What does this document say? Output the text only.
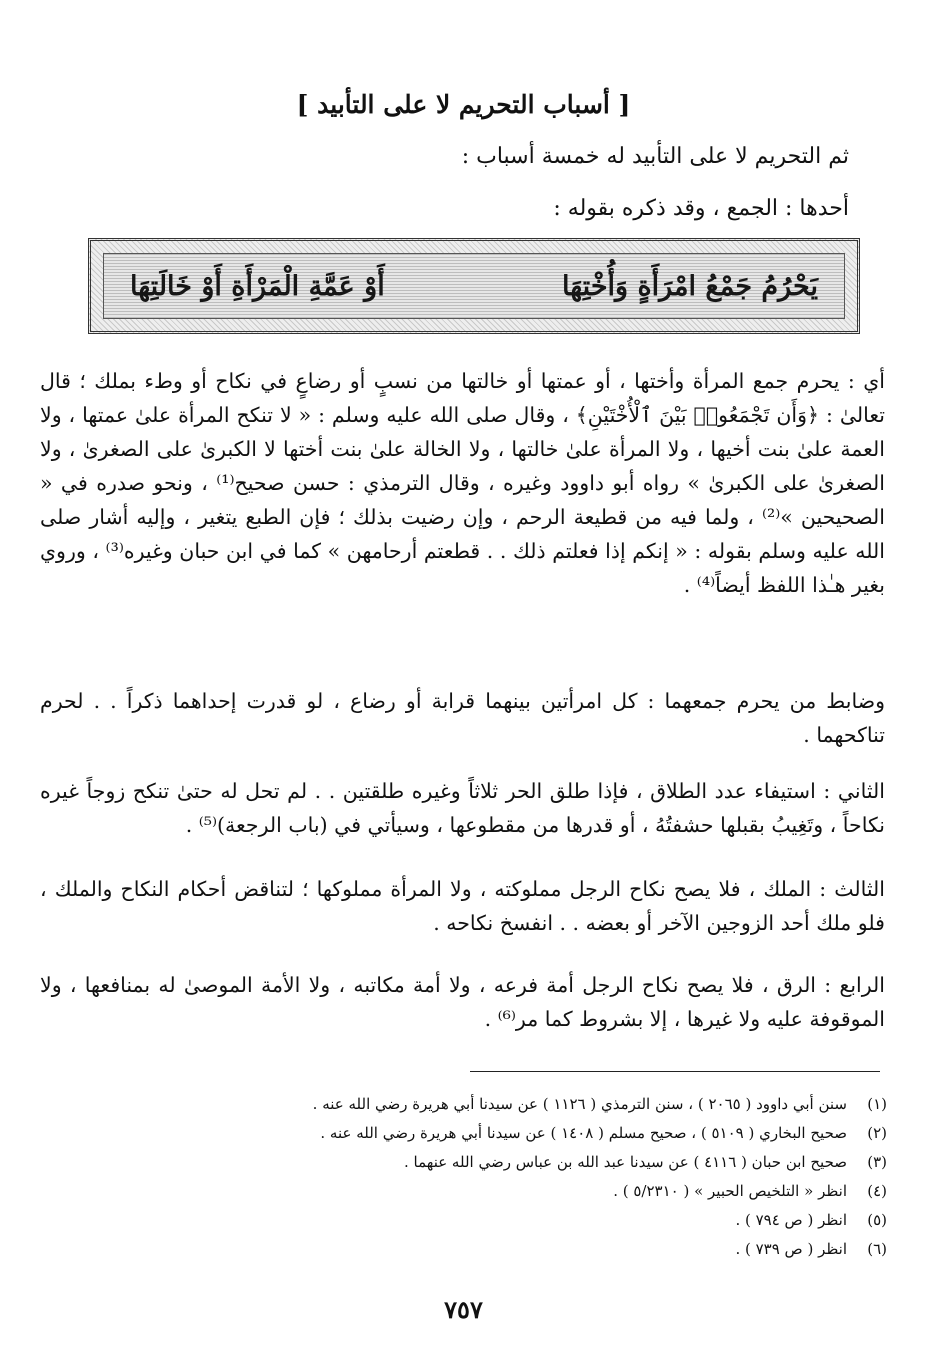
[ أسباب التحريم لا على التأبيد ]
ثم التحريم لا على التأبيد له خمسة أسباب :
أحدها : الجمع ، وقد ذكره بقوله :
يَحْرُمُ جَمْعُ امْرَأَةٍ وَأُخْتِهَا
أَوْ عَمَّةِ الْمَرْأَةِ أَوْ خَالَتِهَا

أي : يحرم جمع المرأة وأختها ، أو عمتها أو خالتها من نسبٍ أو رضاعٍ في نكاح أو وطء بملك ؛ قال تعالىٰ : ﴿وَأَن تَجْمَعُوا۟ بَيْنَ ٱلْأُخْتَيْنِ﴾ ، وقال صلى الله عليه وسلم : « لا تنكح المرأة علىٰ عمتها ، ولا العمة علىٰ بنت أخيها ، ولا المرأة علىٰ خالتها ، ولا الخالة علىٰ بنت أختها لا الكبرىٰ على الصغرىٰ ، ولا الصغرىٰ على الكبرىٰ » رواه أبو داوود وغيره ، وقال الترمذي : حسن صحيح⁽¹⁾ ، ونحو صدره في « الصحيحين »⁽²⁾ ، ولما فيه من قطيعة الرحم ، وإن رضيت بذلك ؛ فإن الطبع يتغير ، وإليه أشار صلى الله عليه وسلم بقوله : « إنكم إذا فعلتم ذلك . . قطعتم أرحامهن » كما في ابن حبان وغيره⁽³⁾ ، وروي بغير هـٰذا اللفظ أيضاً⁽⁴⁾ .

وضابط من يحرم جمعهما : كل امرأتين بينهما قرابة أو رضاع ، لو قدرت إحداهما ذكراً . . لحرم تناكحهما .

الثاني : استيفاء عدد الطلاق ، فإذا طلق الحر ثلاثاً وغيره طلقتين . . لم تحل له حتىٰ تنكح زوجاً غيره نكاحاً ، وتَغِيبُ بقبلها حشفتُهُ ، أو قدرها من مقطوعها ، وسيأتي في (باب الرجعة)⁽⁵⁾ .

الثالث : الملك ، فلا يصح نكاح الرجل مملوكته ، ولا المرأة مملوكها ؛ لتناقض أحكام النكاح والملك ، فلو ملك أحد الزوجين الآخر أو بعضه . . انفسخ نكاحه .

الرابع : الرق ، فلا يصح نكاح الرجل أمة فرعه ، ولا أمة مكاتبه ، ولا الأمة الموصىٰ له بمنافعها ، ولا الموقوفة عليه ولا غيرها ، إلا بشروط كما مر⁽⁶⁾ .

(١)
سنن أبي داوود ( ٢٠٦٥ ) ، سنن الترمذي ( ١١٢٦ ) عن سيدنا أبي هريرة رضي الله عنه .
(٢)
صحيح البخاري ( ٥١٠٩ ) ، صحيح مسلم ( ١٤٠٨ ) عن سيدنا أبي هريرة رضي الله عنه .
(٣)
صحيح ابن حبان ( ٤١١٦ ) عن سيدنا عبد الله بن عباس رضي الله عنهما .
(٤)
انظر « التلخيص الحبير » ( ٥/٢٣١٠ ) .
(٥)
انظر ( ص ٧٩٤ ) .
(٦)
انظر ( ص ٧٣٩ ) .
٧٥٧
